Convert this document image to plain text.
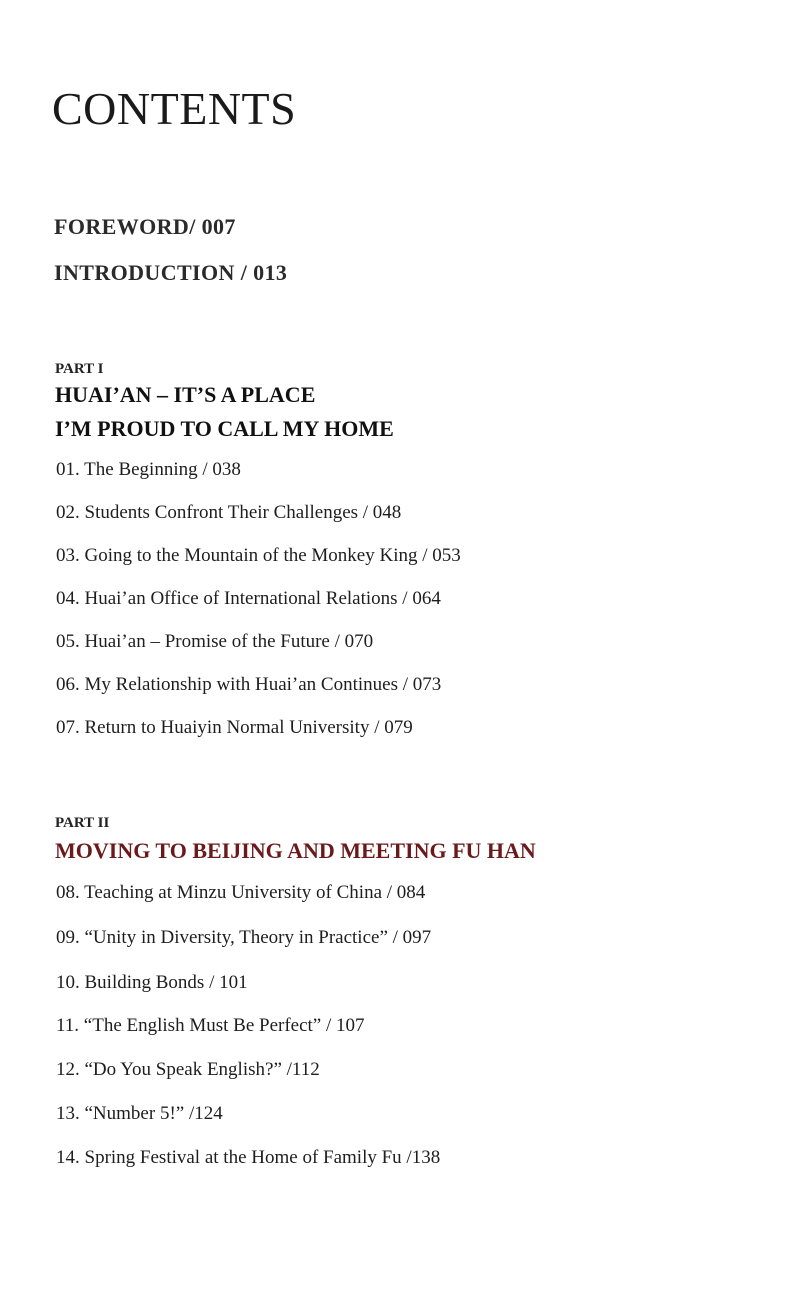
CONTENTS
FOREWORD/ 007
INTRODUCTION / 013
PART I
HUAI’AN – IT’S A PLACE
I’M PROUD TO CALL MY HOME
01. The Beginning / 038
02. Students Confront Their Challenges / 048
03. Going to the Mountain of the Monkey King / 053
04. Huai’an Office of International Relations / 064
05. Huai’an – Promise of the Future / 070
06. My Relationship with Huai’an Continues / 073
07. Return to Huaiyin Normal University / 079
PART II
MOVING TO BEIJING AND MEETING FU HAN
08. Teaching at Minzu University of China / 084
09. “Unity in Diversity, Theory in Practice” / 097
10. Building Bonds / 101
11. “The English Must Be Perfect” / 107
12. “Do You Speak English?” /112
13. “Number 5!” /124
14. Spring Festival at the Home of Family Fu /138
